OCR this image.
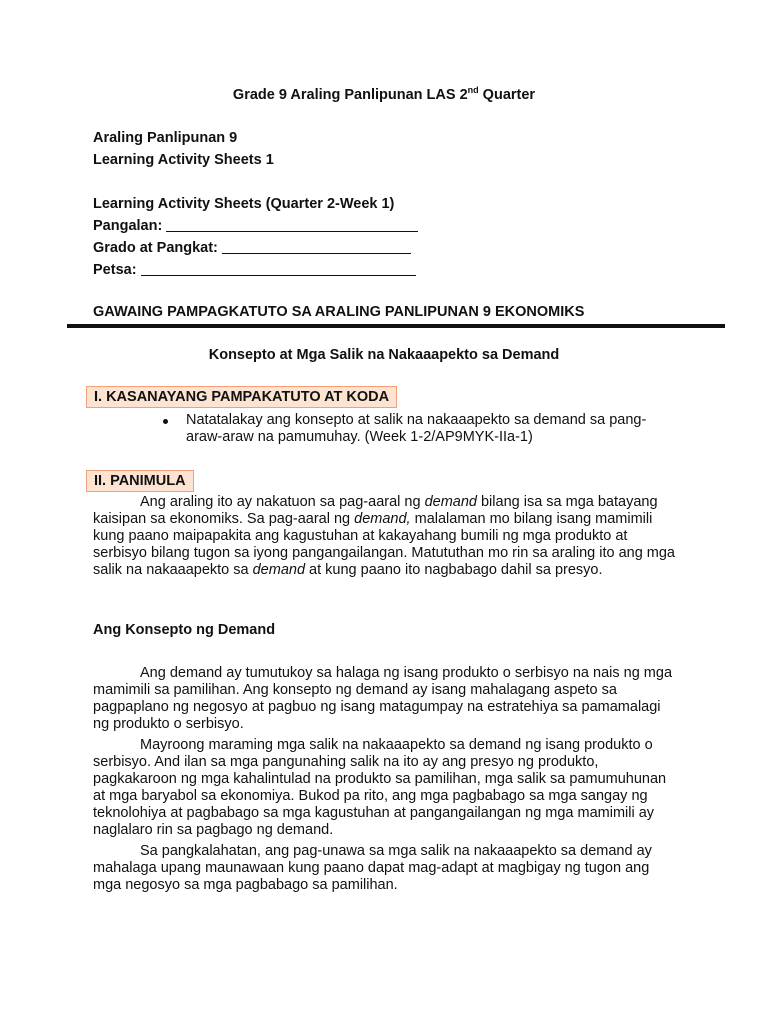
Grade 9 Araling Panlipunan LAS 2nd Quarter
Araling Panlipunan 9
Learning Activity Sheets 1
Learning Activity Sheets (Quarter 2-Week 1)
Pangalan:
Grado at Pangkat:
Petsa:
GAWAING PAMPAGKATUTO SA ARALING PANLIPUNAN 9 EKONOMIKS
Konsepto at Mga Salik na Nakaaapekto sa Demand
I. KASANAYANG PAMPAKATUTO AT KODA
Natatalakay ang konsepto at salik na nakaaapekto sa demand sa pang-araw-araw na pamumuhay. (Week 1-2/AP9MYK-IIa-1)
II. PANIMULA
Ang araling ito ay nakatuon sa pag-aaral ng demand bilang isa sa mga batayang kaisipan sa ekonomiks. Sa pag-aaral ng demand, malalaman mo bilang isang mamimili kung paano maipapakita ang kagustuhan at kakayahang bumili ng mga produkto at serbisyo bilang tugon sa iyong pangangailangan. Matututhan mo rin sa araling ito ang mga salik na nakaaapekto sa demand at kung paano ito nagbabago dahil sa presyo.
Ang Konsepto ng Demand
Ang demand ay tumutukoy sa halaga ng isang produkto o serbisyo na nais ng mga mamimili sa pamilihan. Ang konsepto ng demand ay isang mahalagang aspeto sa pagpaplano ng negosyo at pagbuo ng isang matagumpay na estratehiya sa pamamalagi ng produkto o serbisyo.
Mayroong maraming mga salik na nakaaapekto sa demand ng isang produkto o serbisyo. And ilan sa mga pangunahing salik na ito ay ang presyo ng produkto, pagkakaroon ng mga kahalintulad na produkto sa pamilihan, mga salik sa pamumuhunan at mga baryabol sa ekonomiya. Bukod pa rito, ang mga pagbabago sa mga sangay ng teknolohiya at pagbabago sa mga kagustuhan at pangangailangan ng mga mamimili ay naglalaro rin sa pagbago ng demand.
Sa pangkalahatan, ang pag-unawa sa mga salik na nakaaapekto sa demand ay mahalaga upang maunawaan kung paano dapat mag-adapt at magbigay ng tugon ang mga negosyo sa mga pagbabago sa pamilihan.
